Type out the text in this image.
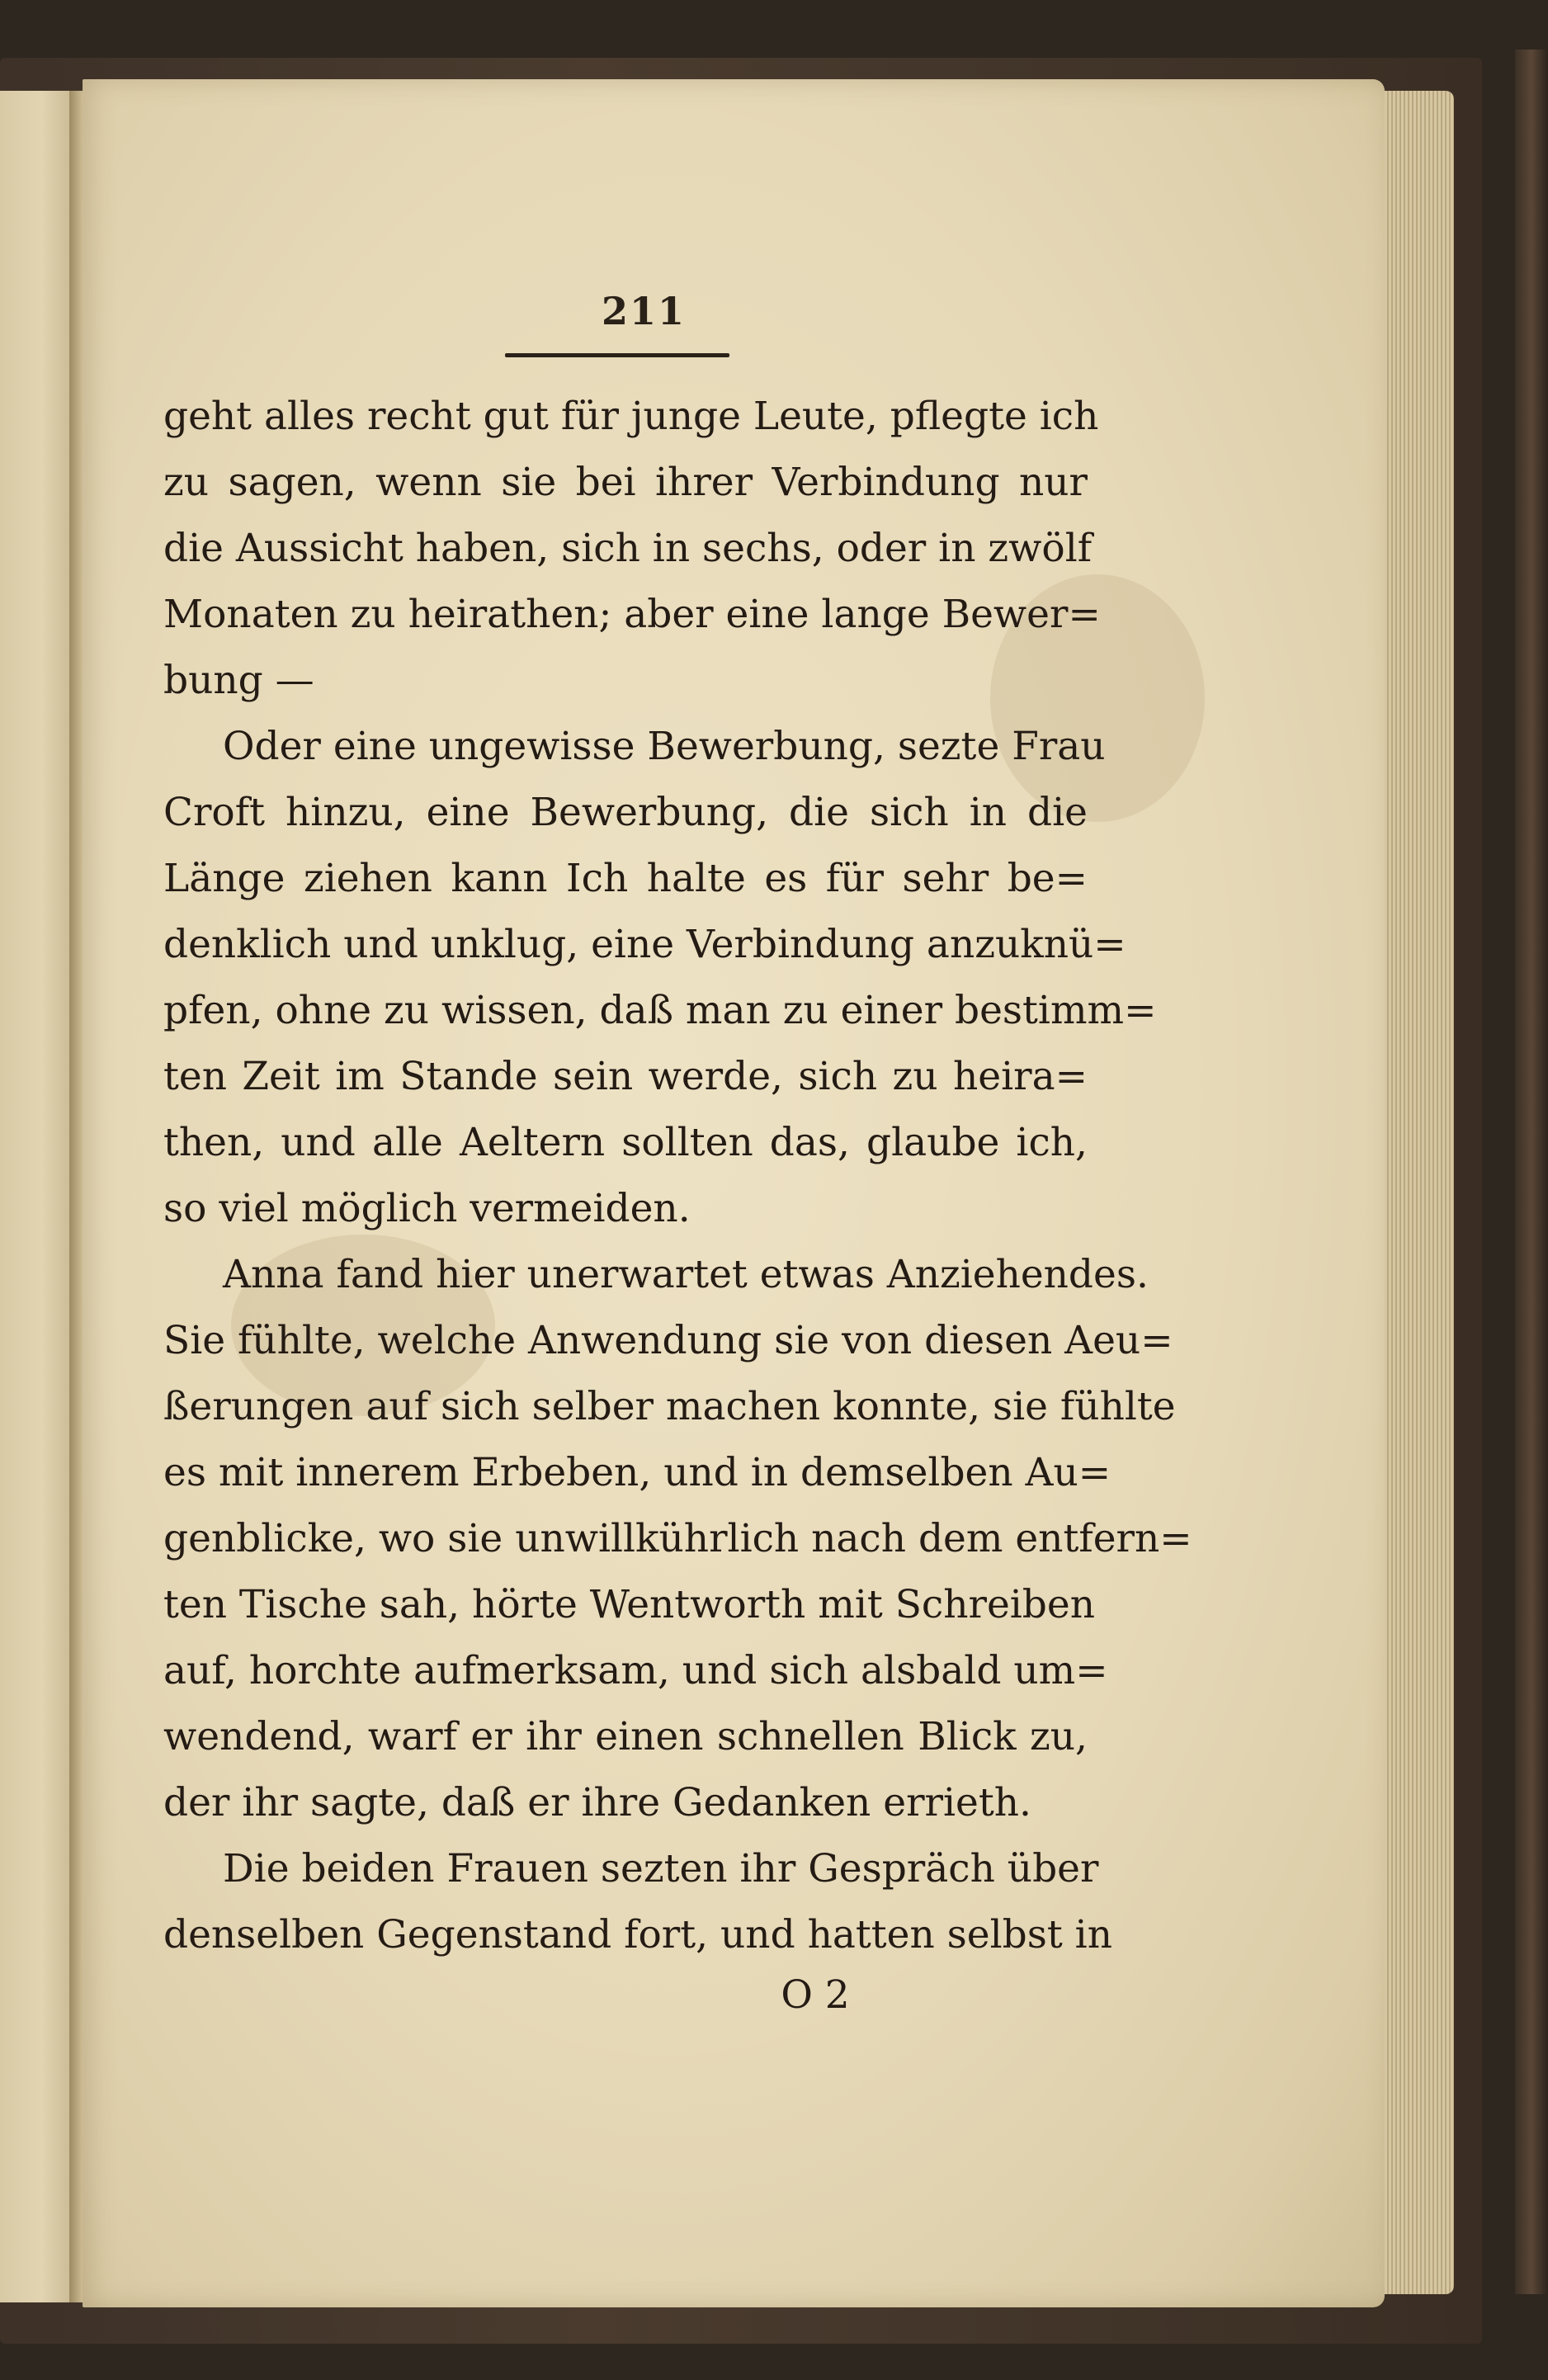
211
geht alles recht gut für junge Leute, pflegte ich
zu sagen, wenn sie bei ihrer Verbindung nur
die Aussicht haben, sich in sechs, oder in zwölf
Monaten zu heirathen; aber eine lange Bewer=
bung —
Oder eine ungewisse Bewerbung, sezte Frau
Croft hinzu, eine Bewerbung, die sich in die
Länge ziehen kann Ich halte es für sehr be=
denklich und unklug, eine Verbindung anzuknü=
pfen, ohne zu wissen, daß man zu einer bestimm=
ten Zeit im Stande sein werde, sich zu heira=
then, und alle Aeltern sollten das, glaube ich,
so viel möglich vermeiden.
Anna fand hier unerwartet etwas Anziehendes.
Sie fühlte, welche Anwendung sie von diesen Aeu=
ßerungen auf sich selber machen konnte, sie fühlte
es mit innerem Erbeben, und in demselben Au=
genblicke, wo sie unwillkührlich nach dem entfern=
ten Tische sah, hörte Wentworth mit Schreiben
auf, horchte aufmerksam, und sich alsbald um=
wendend, warf er ihr einen schnellen Blick zu,
der ihr sagte, daß er ihre Gedanken errieth.
Die beiden Frauen sezten ihr Gespräch über
denselben Gegenstand fort, und hatten selbst in
O 2
